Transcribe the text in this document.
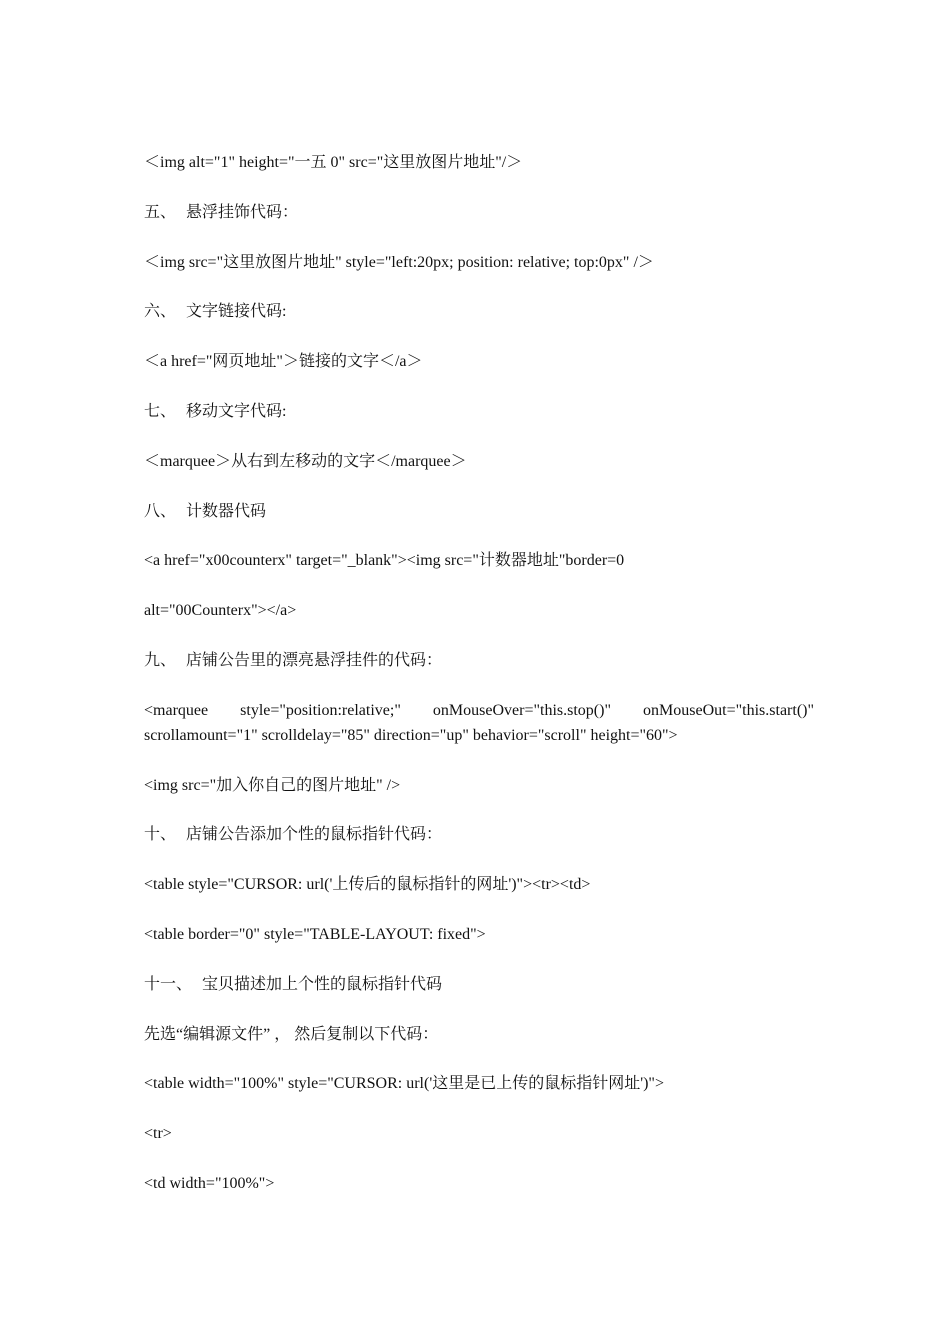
＜img alt="1" height="一五 0" src="这里放图片地址"/＞
五、 悬浮挂饰代码：
＜img src="这里放图片地址" style="left:20px; position: relative; top:0px" /＞
六、 文字链接代码:
＜a href="网页地址"＞链接的文字＜/a＞
七、 移动文字代码:
＜marquee＞从右到左移动的文字＜/marquee＞
八、 计数器代码
<a href="x00counterx" target="_blank"><img src="计数器地址"border=0
alt="00Counterx"></a>
九、 店铺公告里的漂亮悬浮挂件的代码：
<marquee style="position:relative;" onMouseOver="this.stop()" onMouseOut="this.start()"
scrollamount="1" scrolldelay="85" direction="up" behavior="scroll" height="60">
<img src="加入你自己的图片地址" />
十、 店铺公告添加个性的鼠标指针代码：
<table style="CURSOR: url('上传后的鼠标指针的网址')"><tr><td>
<table border="0" style="TABLE-LAYOUT: fixed">
十一、 宝贝描述加上个性的鼠标指针代码
先选“编辑源文件” ， 然后复制以下代码：
<table width="100%" style="CURSOR: url('这里是已上传的鼠标指针网址')">
<tr>
<td width="100%">
